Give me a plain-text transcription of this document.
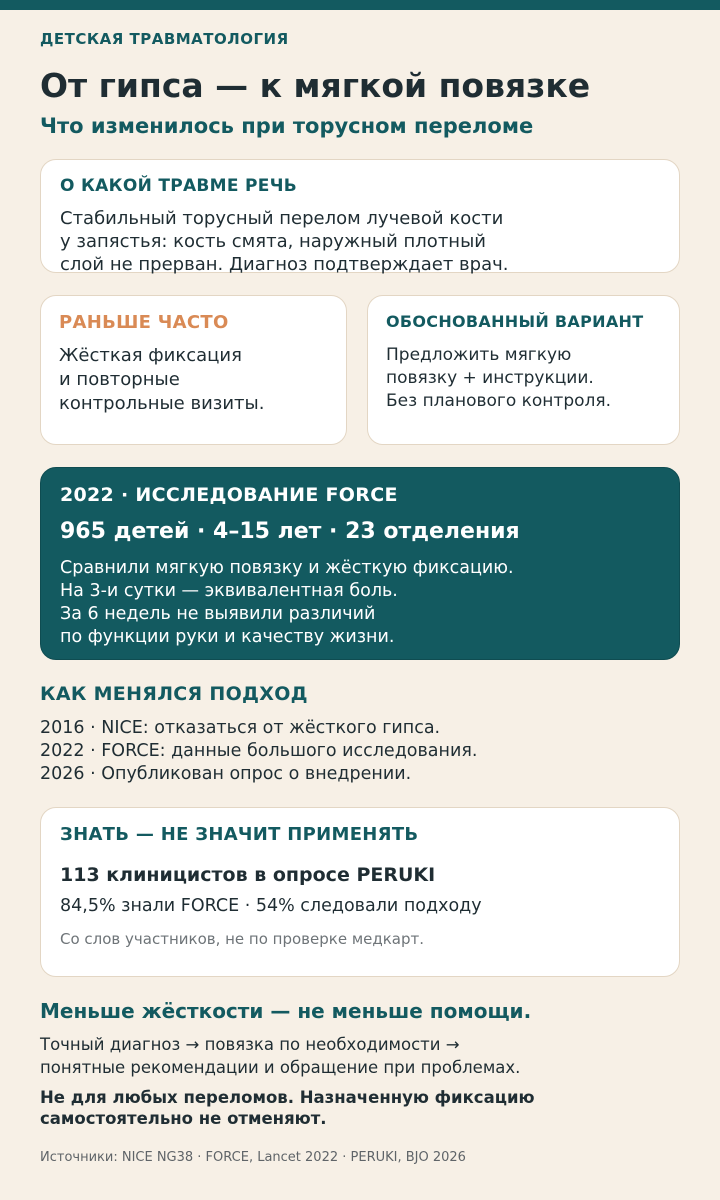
ДЕТСКАЯ ТРАВМАТОЛОГИЯ
От гипса — к мягкой повязке
Что изменилось при торусном переломе
О КАКОЙ ТРАВМЕ РЕЧЬ
Стабильный торусный перелом лучевой кости
у запястья: кость смята, наружный плотный
слой не прерван. Диагноз подтверждает врач.
РАНЬШЕ ЧАСТО
Жёсткая фиксация
и повторные
контрольные визиты.
ОБОСНОВАННЫЙ ВАРИАНТ
Предложить мягкую
повязку + инструкции.
Без планового контроля.
2022 · ИССЛЕДОВАНИЕ FORCE
965 детей · 4–15 лет · 23 отделения
Сравнили мягкую повязку и жёсткую фиксацию.
На 3-и сутки — эквивалентная боль.
За 6 недель не выявили различий
по функции руки и качеству жизни.
КАК МЕНЯЛСЯ ПОДХОД
2016 · NICE: отказаться от жёсткого гипса.
2022 · FORCE: данные большого исследования.
2026 · Опубликован опрос о внедрении.
ЗНАТЬ — НЕ ЗНАЧИТ ПРИМЕНЯТЬ
113 клиницистов в опросе PERUKI
84,5% знали FORCE · 54% следовали подходу
Со слов участников, не по проверке медкарт.
Меньше жёсткости — не меньше помощи.
Точный диагноз → повязка по необходимости →
понятные рекомендации и обращение при проблемах.
Не для любых переломов. Назначенную фиксацию
самостоятельно не отменяют.
Источники: NICE NG38 · FORCE, Lancet 2022 · PERUKI, BJO 2026
